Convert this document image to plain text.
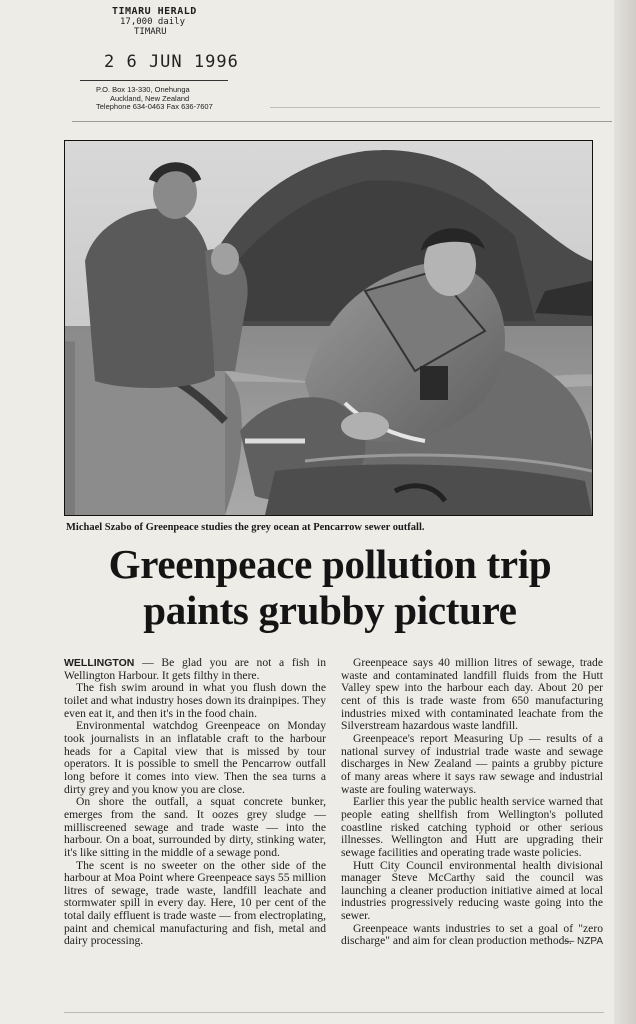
TIMARU HERALD
17,000 daily
TIMARU
2 6 JUN 1996
P.O. Box 13-330, Onehunga
Auckland, New Zealand
Telephone 634-0463 Fax 636-7607
Michael Szabo of Greenpeace studies the grey ocean at Pencarrow sewer outfall.
Greenpeace pollution trip
paints grubby picture

WELLINGTON — Be glad you are not a fish in Wellington Harbour. It gets filthy in there.

The fish swim around in what you flush down the toilet and what industry hoses down its drainpipes. They even eat it, and then it's in the food chain.

Environmental watchdog Greenpeace on Monday took journalists in an inflatable craft to the harbour heads for a Capital view that is missed by tour operators. It is possible to smell the Pencarrow outfall long before it comes into view. Then the sea turns a dirty grey and you know you are close.

On shore the outfall, a squat concrete bunker, emerges from the sand. It oozes grey sludge — milliscreened sewage and trade waste — into the harbour. On a boat, surrounded by dirty, stinking water, it's like sitting in the middle of a sewage pond.

The scent is no sweeter on the other side of the harbour at Moa Point where Greenpeace says 55 million litres of sewage, trade waste, landfill leachate and stormwater spill in every day. Here, 10 per cent of the total daily effluent is trade waste — from electroplating, paint and chemical manufacturing and fish, metal and dairy processing.

Greenpeace says 40 million litres of sewage, trade waste and contaminated landfill fluids from the Hutt Valley spew into the harbour each day. About 20 per cent of this is trade waste from 650 manufacturing industries mixed with contaminated leachate from the Silverstream hazardous waste landfill.

Greenpeace's report Measuring Up — results of a national survey of industrial trade waste and sewage discharges in New Zealand — paints a grubby picture of many areas where it says raw sewage and industrial waste are fouling waterways.

Earlier this year the public health service warned that people eating shellfish from Wellington's polluted coastline risked catching typhoid or other serious illnesses. Wellington and Hutt are upgrading their sewage facilities and operating trade waste policies.

Hutt City Council environmental health divisional manager Steve McCarthy said the council was launching a cleaner production initiative aimed at local industries progressively reducing waste going into the sewer.

Greenpeace wants industries to set a goal of "zero discharge" and aim for clean production methods.

— NZPA
